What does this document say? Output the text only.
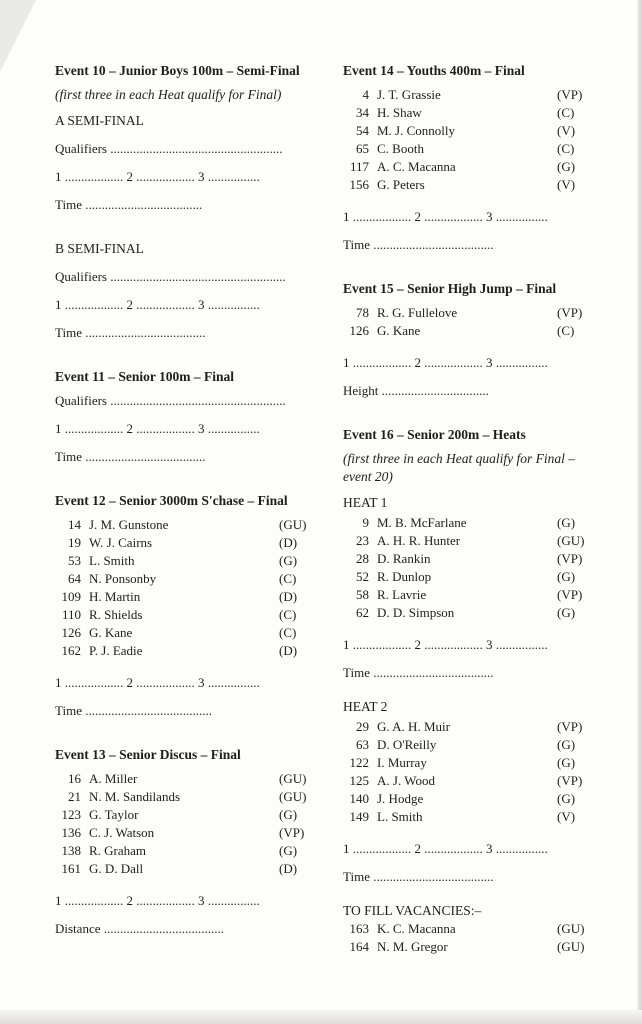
Event 10 – Junior Boys 100m – Semi-Final
(first three in each Heat qualify for Final)
A SEMI-FINAL
Qualifiers .....................................................
1 .................. 2 .................. 3 ................
Time ....................................
B SEMI-FINAL
Qualifiers ......................................................
1 .................. 2 .................. 3 ................
Time .....................................
Event 11 – Senior 100m – Final
Qualifiers ......................................................
1 .................. 2 .................. 3 ................
Time .....................................
Event 12 – Senior 3000m S'chase – Final
14 J. M. Gunstone	(GU)
19 W. J. Cairns	(D)
53 L. Smith	(G)
64 N. Ponsonby	(C)
109 H. Martin	(D)
110 R. Shields	(C)
126 G. Kane	(C)
162 P. J. Eadie	(D)
1 .................. 2 .................. 3 ................
Time .......................................
Event 13 – Senior Discus – Final
16 A. Miller	(GU)
21 N. M. Sandilands	(GU)
123 G. Taylor	(G)
136 C. J. Watson	(VP)
138 R. Graham	(G)
161 G. D. Dall	(D)
1 .................. 2 .................. 3 ................
Distance .....................................
Event 14 – Youths 400m – Final
4 J. T. Grassie	(VP)
34 H. Shaw	(C)
54 M. J. Connolly	(V)
65 C. Booth	(C)
117 A. C. Macanna	(G)
156 G. Peters	(V)
1 .................. 2 .................. 3 ................
Time .....................................
Event 15 – Senior High Jump – Final
78 R. G. Fullelove	(VP)
126 G. Kane	(C)
1 .................. 2 .................. 3 ................
Height .................................
Event 16 – Senior 200m – Heats
(first three in each Heat qualify for Final – event 20)
HEAT 1
9 M. B. McFarlane	(G)
23 A. H. R. Hunter	(GU)
28 D. Rankin	(VP)
52 R. Dunlop	(G)
58 R. Lavrie	(VP)
62 D. D. Simpson	(G)
1 .................. 2 .................. 3 ................
Time .....................................
HEAT 2
29 G. A. H. Muir	(VP)
63 D. O'Reilly	(G)
122 I. Murray	(G)
125 A. J. Wood	(VP)
140 J. Hodge	(G)
149 L. Smith	(V)
1 .................. 2 .................. 3 ................
Time .....................................
TO FILL VACANCIES:–
163 K. C. Macanna	(GU)
164 N. M. Gregor	(GU)
